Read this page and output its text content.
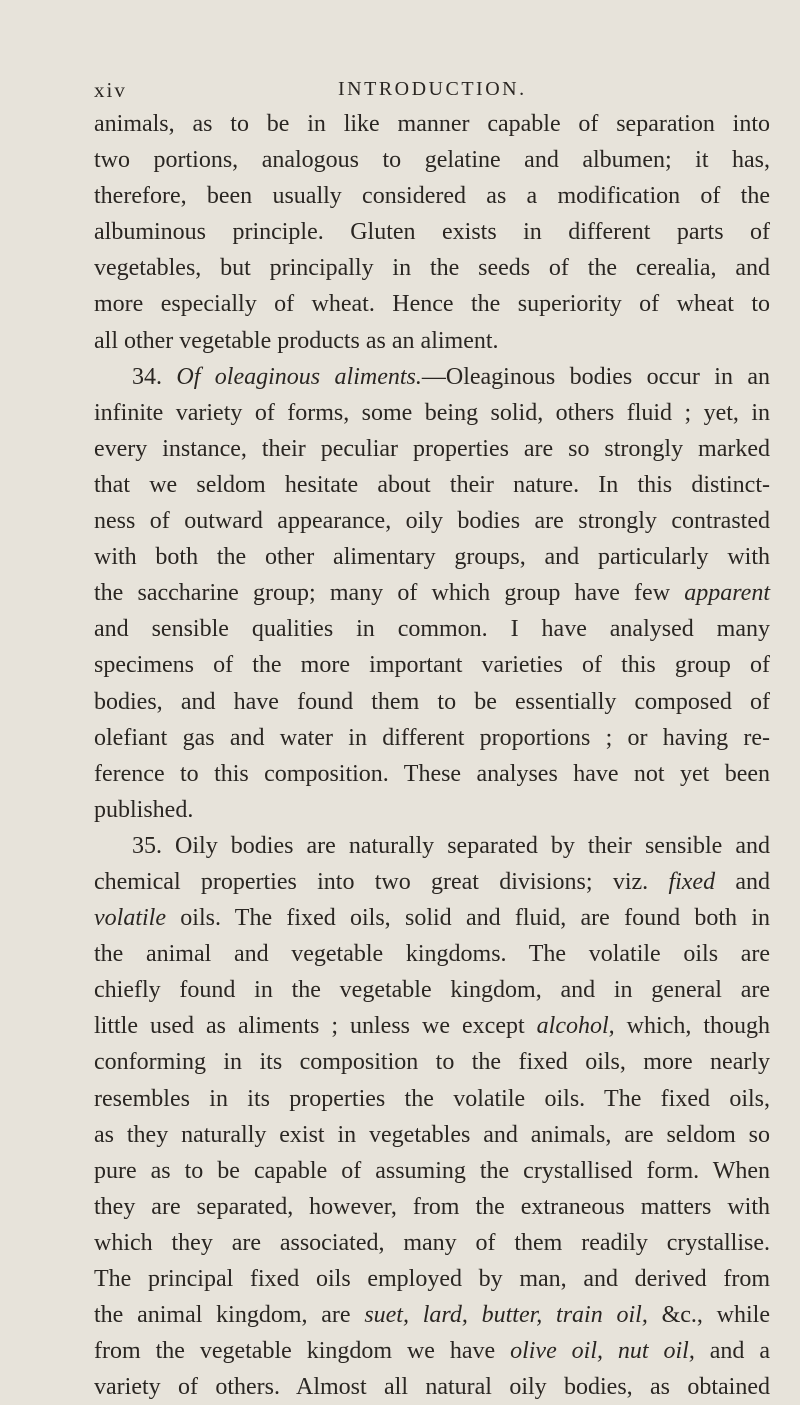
xiv	INTRODUCTION.
animals, as to be in like manner capable of separation into
two portions, analogous to gelatine and albumen; it has,
therefore, been usually considered as a modification of the
albuminous principle. Gluten exists in different parts of
vegetables, but principally in the seeds of the cerealia, and
more especially of wheat. Hence the superiority of wheat to
all other vegetable products as an aliment.
34. Of oleaginous aliments.—Oleaginous bodies occur in an
infinite variety of forms, some being solid, others fluid ; yet, in
every instance, their peculiar properties are so strongly marked
that we seldom hesitate about their nature. In this distinct-
ness of outward appearance, oily bodies are strongly contrasted
with both the other alimentary groups, and particularly with
the saccharine group; many of which group have few apparent
and sensible qualities in common. I have analysed many
specimens of the more important varieties of this group of
bodies, and have found them to be essentially composed of
olefiant gas and water in different proportions ; or having re-
ference to this composition. These analyses have not yet been
published.
35. Oily bodies are naturally separated by their sensible and
chemical properties into two great divisions; viz. fixed and
volatile oils. The fixed oils, solid and fluid, are found both in
the animal and vegetable kingdoms. The volatile oils are
chiefly found in the vegetable kingdom, and in general are
little used as aliments ; unless we except alcohol, which, though
conforming in its composition to the fixed oils, more nearly
resembles in its properties the volatile oils. The fixed oils,
as they naturally exist in vegetables and animals, are seldom so
pure as to be capable of assuming the crystallised form. When
they are separated, however, from the extraneous matters with
which they are associated, many of them readily crystallise.
The principal fixed oils employed by man, and derived from
the animal kingdom, are suet, lard, butter, train oil, &c., while
from the vegetable kingdom we have olive oil, nut oil, and a
variety of others. Almost all natural oily bodies, as obtained
